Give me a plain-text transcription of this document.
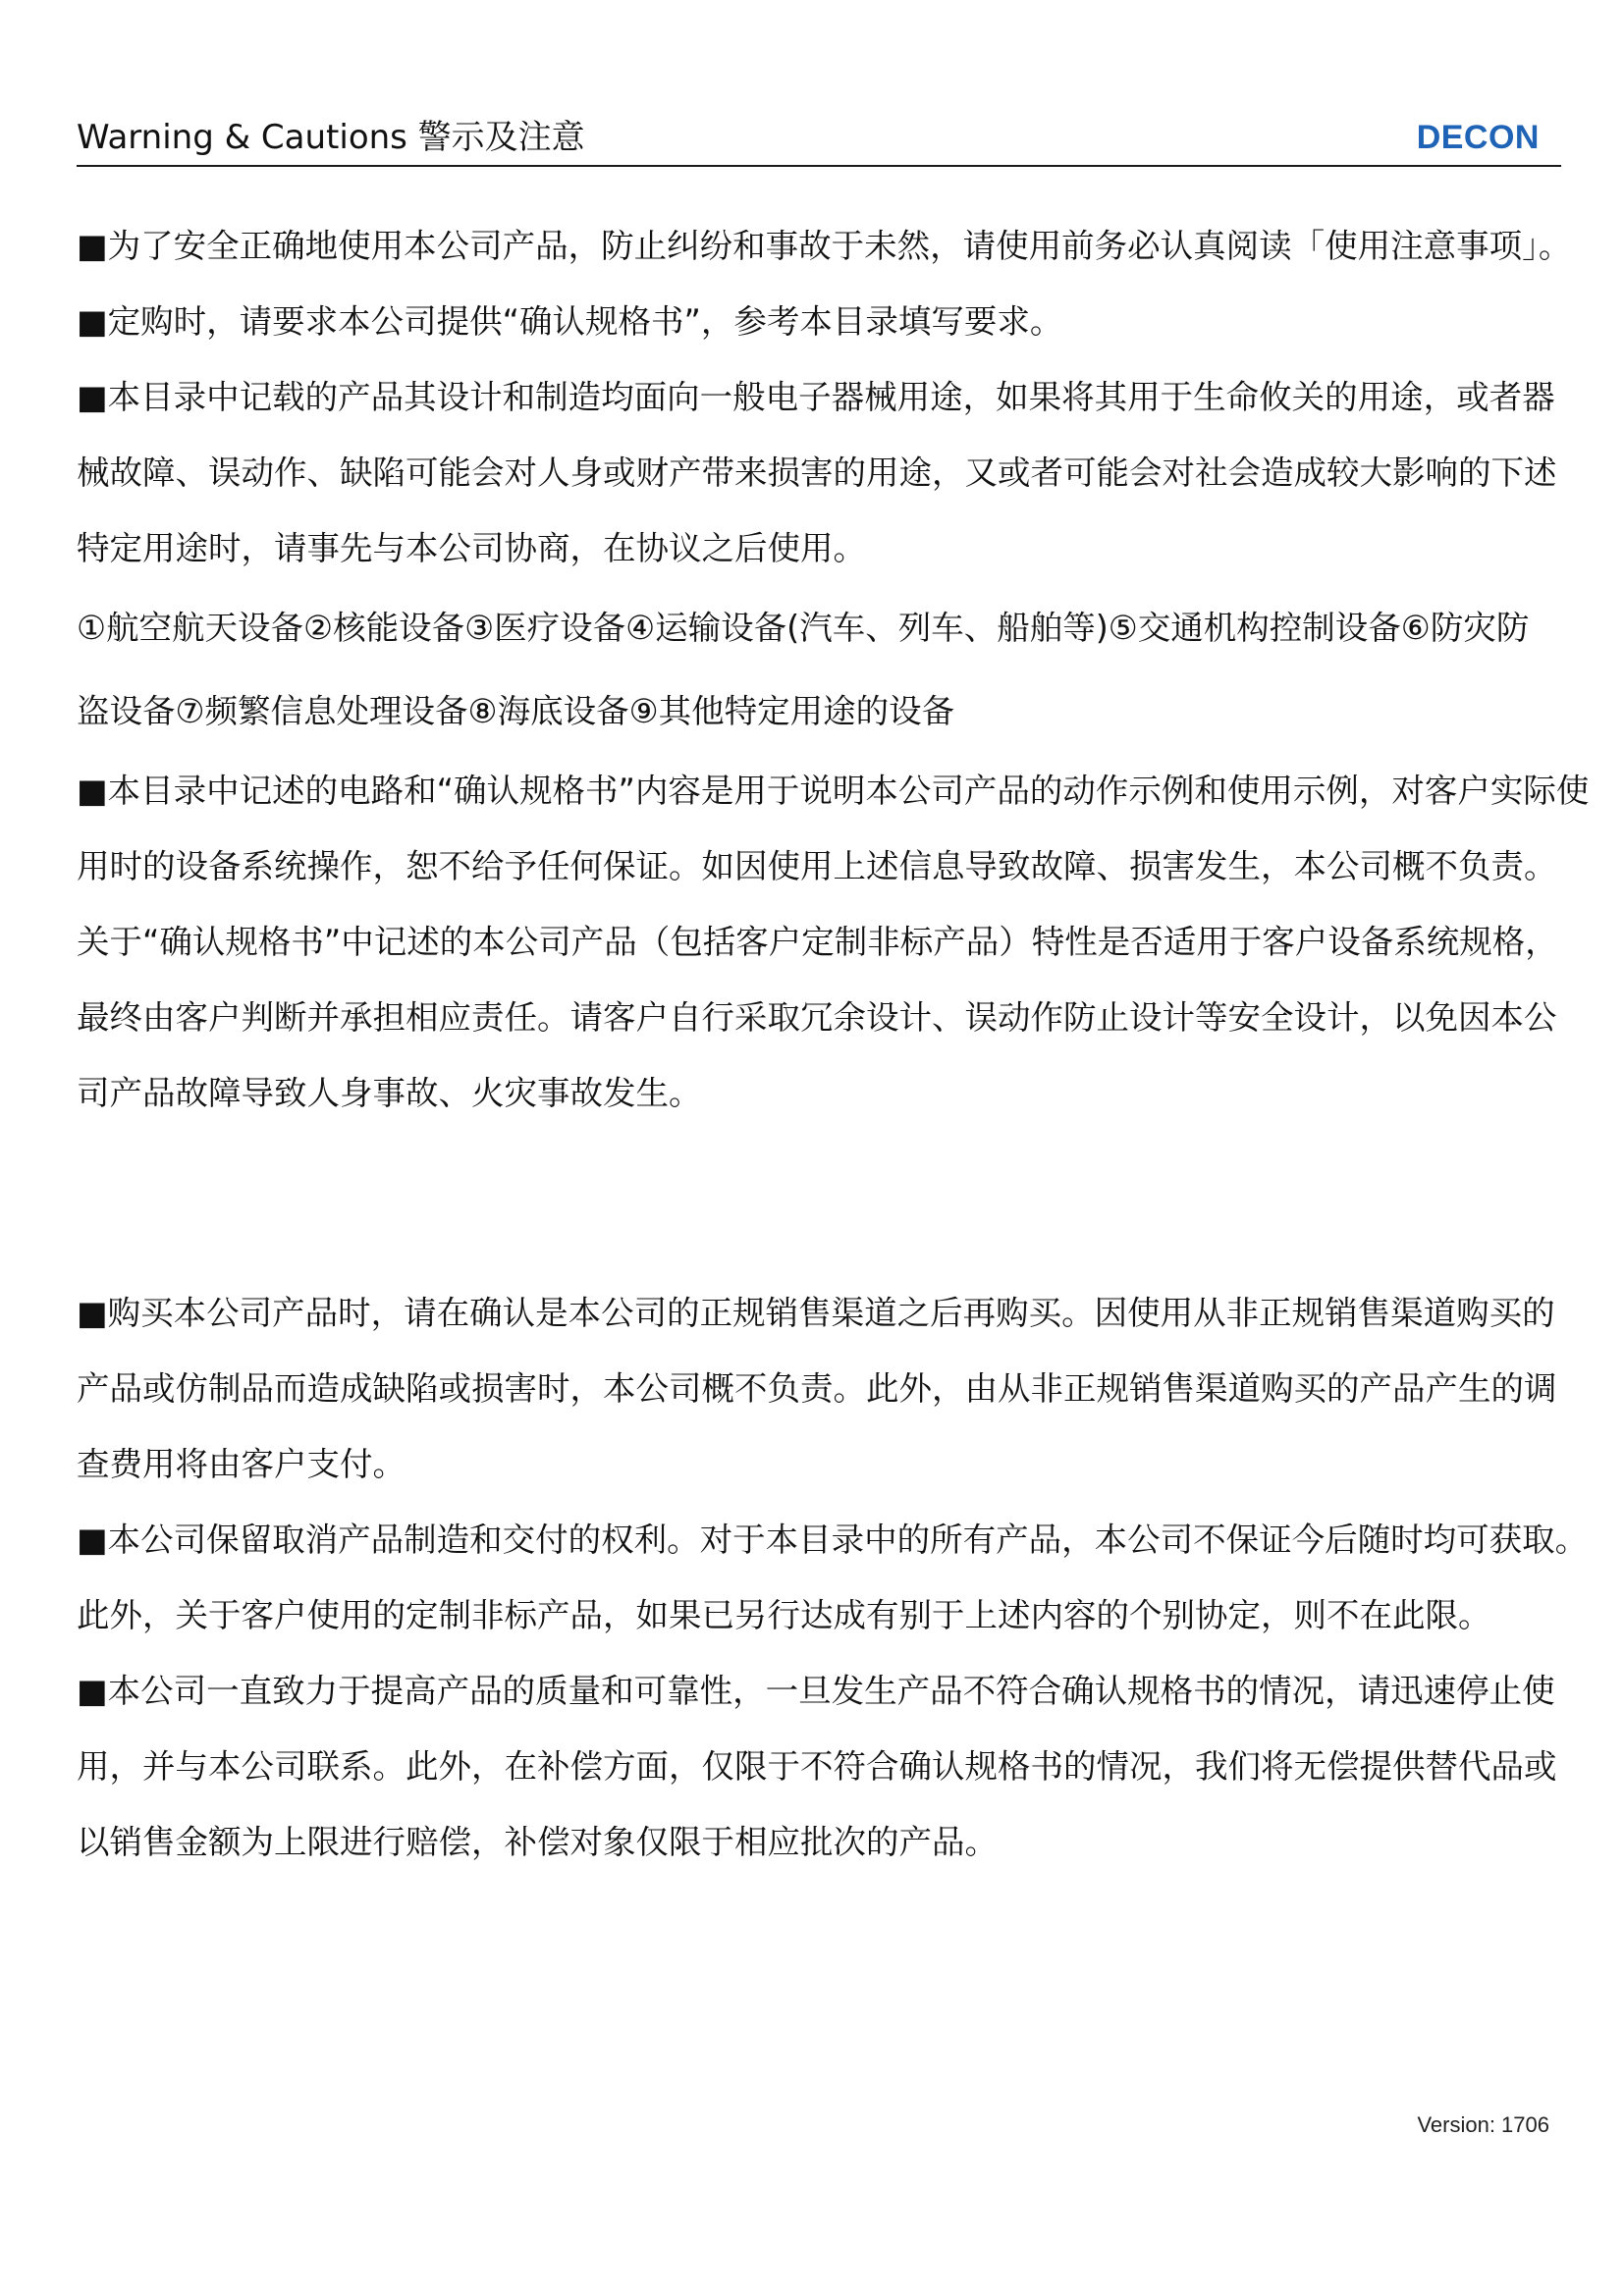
Warning & Cautions 警示及注意	DECON
■为了安全正确地使用本公司产品，防止纠纷和事故于未然，请使用前务必认真阅读「使用注意事项」。
■定购时，请要求本公司提供“确认规格书”，参考本目录填写要求。
■本目录中记载的产品其设计和制造均面向一般电子器械用途，如果将其用于生命攸关的用途，或者器
械故障、误动作、缺陷可能会对人身或财产带来损害的用途，又或者可能会对社会造成较大影响的下述
特定用途时，请事先与本公司协商，在协议之后使用。
①航空航天设备②核能设备③医疗设备④运输设备(汽车、列车、船舶等)⑤交通机构控制设备⑥防灾防
盗设备⑦频繁信息处理设备⑧海底设备⑨其他特定用途的设备
■本目录中记述的电路和“确认规格书”内容是用于说明本公司产品的动作示例和使用示例，对客户实际使
用时的设备系统操作，恕不给予任何保证。如因使用上述信息导致故障、损害发生，本公司概不负责。
关于“确认规格书”中记述的本公司产品（包括客户定制非标产品）特性是否适用于客户设备系统规格，
最终由客户判断并承担相应责任。请客户自行采取冗余设计、误动作防止设计等安全设计，以免因本公
司产品故障导致人身事故、火灾事故发生。
■购买本公司产品时，请在确认是本公司的正规销售渠道之后再购买。因使用从非正规销售渠道购买的
产品或仿制品而造成缺陷或损害时，本公司概不负责。此外，由从非正规销售渠道购买的产品产生的调
查费用将由客户支付。
■本公司保留取消产品制造和交付的权利。对于本目录中的所有产品，本公司不保证今后随时均可获取。
此外，关于客户使用的定制非标产品，如果已另行达成有别于上述内容的个别协定，则不在此限。
■本公司一直致力于提高产品的质量和可靠性，一旦发生产品不符合确认规格书的情况，请迅速停止使
用，并与本公司联系。此外，在补偿方面，仅限于不符合确认规格书的情况，我们将无偿提供替代品或
以销售金额为上限进行赔偿，补偿对象仅限于相应批次的产品。
Version: 1706
